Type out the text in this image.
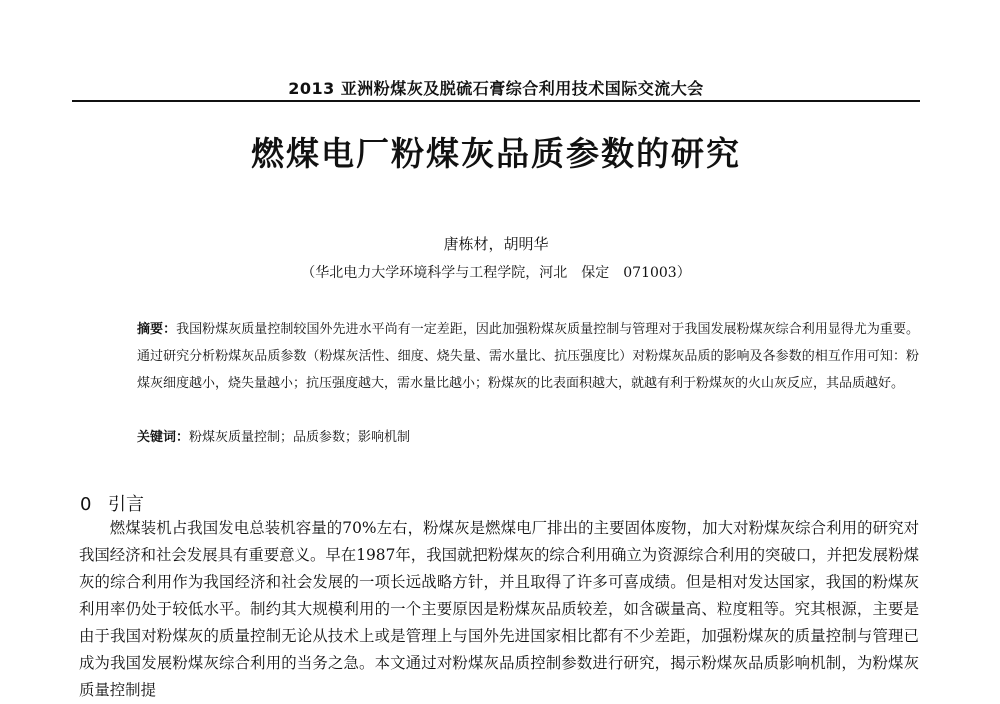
2013 亚洲粉煤灰及脱硫石膏综合利用技术国际交流大会
燃煤电厂粉煤灰品质参数的研究
唐栋材，胡明华
（华北电力大学环境科学与工程学院，河北　保定　071003）
摘要：我国粉煤灰质量控制较国外先进水平尚有一定差距，因此加强粉煤灰质量控制与管理对于我国发展粉煤灰综合利用显得尤为重要。通过研究分析粉煤灰品质参数（粉煤灰活性、细度、烧失量、需水量比、抗压强度比）对粉煤灰品质的影响及各参数的相互作用可知：粉煤灰细度越小，烧失量越小；抗压强度越大，需水量比越小；粉煤灰的比表面积越大，就越有利于粉煤灰的火山灰反应，其品质越好。
关键词：粉煤灰质量控制；品质参数；影响机制
0 引言
燃煤装机占我国发电总装机容量的70%左右，粉煤灰是燃煤电厂排出的主要固体废物，加大对粉煤灰综合利用的研究对我国经济和社会发展具有重要意义。早在1987年，我国就把粉煤灰的综合利用确立为资源综合利用的突破口，并把发展粉煤灰的综合利用作为我国经济和社会发展的一项长远战略方针，并且取得了许多可喜成绩。但是相对发达国家，我国的粉煤灰利用率仍处于较低水平。制约其大规模利用的一个主要原因是粉煤灰品质较差，如含碳量高、粒度粗等。究其根源，主要是由于我国对粉煤灰的质量控制无论从技术上或是管理上与国外先进国家相比都有不少差距，加强粉煤灰的质量控制与管理已成为我国发展粉煤灰综合利用的当务之急。本文通过对粉煤灰品质控制参数进行研究，揭示粉煤灰品质影响机制，为粉煤灰质量控制提
